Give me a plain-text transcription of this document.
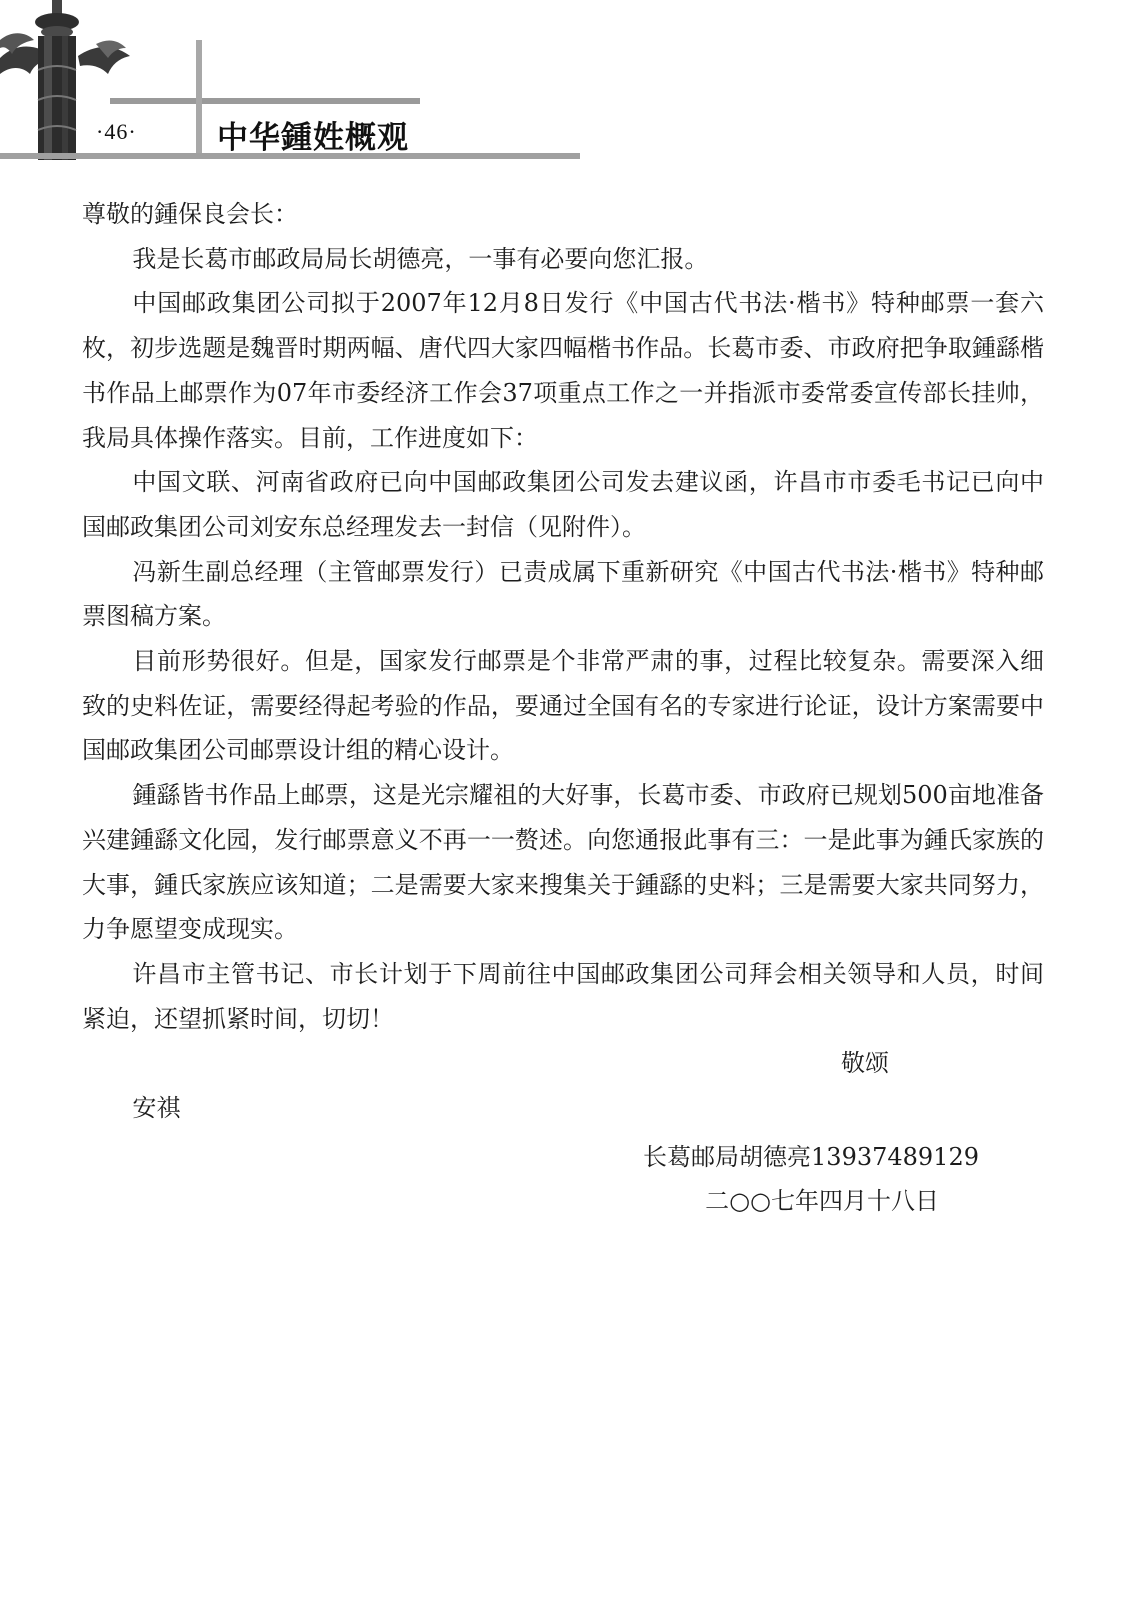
·46·	中华鍾姓概观

尊敬的鍾保良会长：

我是长葛市邮政局局长胡德亮，一事有必要向您汇报。

中国邮政集团公司拟于2007年12月8日发行《中国古代书法·楷书》特种邮票一套六枚，初步选题是魏晋时期两幅、唐代四大家四幅楷书作品。长葛市委、市政府把争取鍾繇楷书作品上邮票作为07年市委经济工作会37项重点工作之一并指派市委常委宣传部长挂帅，我局具体操作落实。目前，工作进度如下：

中国文联、河南省政府已向中国邮政集团公司发去建议函，许昌市市委毛书记已向中国邮政集团公司刘安东总经理发去一封信（见附件）。

冯新生副总经理（主管邮票发行）已责成属下重新研究《中国古代书法·楷书》特种邮票图稿方案。

目前形势很好。但是，国家发行邮票是个非常严肃的事，过程比较复杂。需要深入细致的史料佐证，需要经得起考验的作品，要通过全国有名的专家进行论证，设计方案需要中国邮政集团公司邮票设计组的精心设计。

鍾繇皆书作品上邮票，这是光宗耀祖的大好事，长葛市委、市政府已规划500亩地准备兴建鍾繇文化园，发行邮票意义不再一一赘述。向您通报此事有三：一是此事为鍾氏家族的大事，鍾氏家族应该知道；二是需要大家来搜集关于鍾繇的史料；三是需要大家共同努力，力争愿望变成现实。

许昌市主管书记、市长计划于下周前往中国邮政集团公司拜会相关领导和人员，时间紧迫，还望抓紧时间，切切！

敬颂

安祺

长葛邮局胡德亮13937489129

二○○七年四月十八日
